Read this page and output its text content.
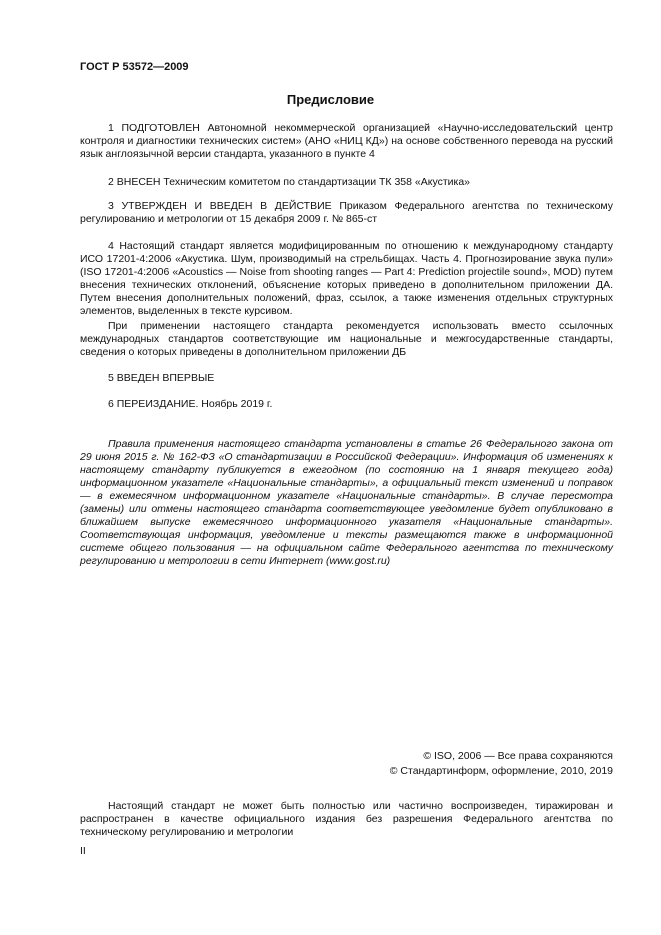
ГОСТ Р 53572—2009
Предисловие

1 ПОДГОТОВЛЕН Автономной некоммерческой организацией «Научно-исследовательский центр контроля и диагностики технических систем» (АНО «НИЦ КД») на основе собственного перевода на русский язык англоязычной версии стандарта, указанного в пункте 4

2 ВНЕСЕН Техническим комитетом по стандартизации ТК 358 «Акустика»

3 УТВЕРЖДЕН И ВВЕДЕН В ДЕЙСТВИЕ Приказом Федерального агентства по техническому регулированию и метрологии от 15 декабря 2009 г. № 865-ст

4 Настоящий стандарт является модифицированным по отношению к международному стандарту ИСО 17201-4:2006 «Акустика. Шум, производимый на стрельбищах. Часть 4. Прогнозирование звука пули» (ISO 17201-4:2006 «Acoustics — Noise from shooting ranges — Part 4: Prediction projectile sound», MOD) путем внесения технических отклонений, объяснение которых приведено в дополнительном приложении ДА. Путем внесения дополнительных положений, фраз, ссылок, а также изменения отдельных структурных элементов, выделенных в тексте курсивом.

При применении настоящего стандарта рекомендуется использовать вместо ссылочных международных стандартов соответствующие им национальные и межгосударственные стандарты, сведения о которых приведены в дополнительном приложении ДБ

5 ВВЕДЕН ВПЕРВЫЕ

6 ПЕРЕИЗДАНИЕ. Ноябрь 2019 г.

Правила применения настоящего стандарта установлены в статье 26 Федерального закона от 29 июня 2015 г. № 162-ФЗ «О стандартизации в Российской Федерации». Информация об изменениях к настоящему стандарту публикуется в ежегодном (по состоянию на 1 января текущего года) информационном указателе «Национальные стандарты», а официальный текст изменений и поправок — в ежемесячном информационном указателе «Национальные стандарты». В случае пересмотра (замены) или отмены настоящего стандарта соответствующее уведомление будет опубликовано в ближайшем выпуске ежемесячного информационного указателя «Национальные стандарты». Соответствующая информация, уведомление и тексты размещаются также в информационной системе общего пользования — на официальном сайте Федерального агентства по техническому регулированию и метрологии в сети Интернет (www.gost.ru)

© ISO, 2006 — Все права сохраняются
© Стандартинформ, оформление, 2010, 2019

Настоящий стандарт не может быть полностью или частично воспроизведен, тиражирован и распространен в качестве официального издания без разрешения Федерального агентства по техническому регулированию и метрологии

II
